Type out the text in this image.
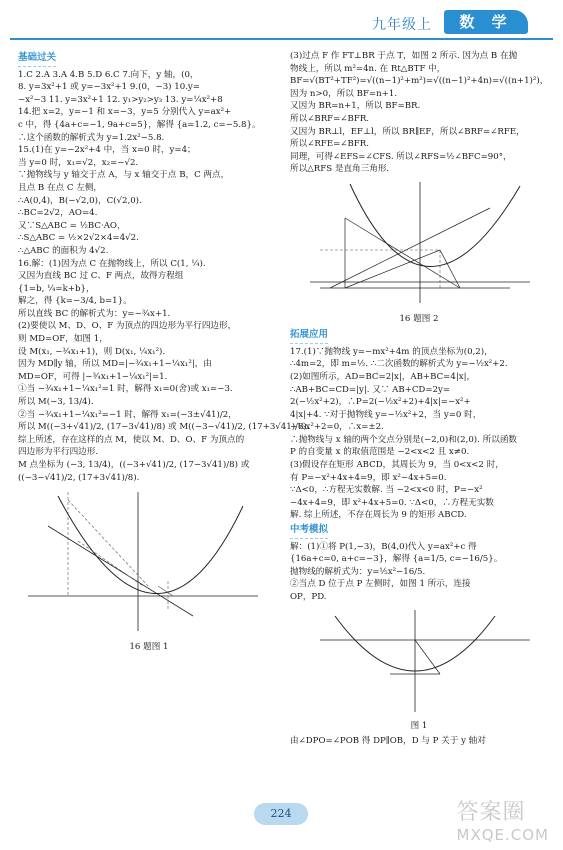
九年级上	数 学
基础过关
1.C 2.A 3.A 4.B 5.D 6.C 7.向下，y 轴，(0，
8. y=3x²+1 或 y=−3x²+1 9.(0，−3) 10.y=
−x²−3 11. y=3x²+1 12. y₁>y₂>y₃ 13. y=¼x²+8
14.把 x=2，y=−1 和 x=−3，y=5 分别代入 y=ax²+
c 中，得 {4a+c=−1, 9a+c=5}，解得 {a=1.2, c=−5.8}。
∴这个函数的解析式为 y=1.2x²−5.8.
15.(1)在 y=−2x²+4 中，当 x=0 时，y=4；
当 y=0 时，x₁=√2，x₂=−√2.
∵抛物线与 y 轴交于点 A，与 x 轴交于点 B，C 两点，
且点 B 在点 C 左侧，
∴A(0,4)，B(−√2,0)，C(√2,0).
∴BC=2√2，AO=4.
又∵S△ABC = ½BC·AO，
∴S△ABC = ½×2√2×4=4√2.
∴△ABC 的面积为 4√2.
16.解：(1)因为点 C 在抛物线上，所以 C(1, ¼).
又因为直线 BC 过 C、F 两点，故得方程组
{1=b, ¼=k+b}，
解之，得 {k=−3/4, b=1}。
所以直线 BC 的解析式为：y=−¾x+1.
(2)要使以 M、D、O、F 为顶点的四边形为平行四边形，
则 MD=OF，如图 1，
设 M(x₁, −¾x₁+1)，则 D(x₁, ¼x₁²).
因为 MD∥y 轴，所以 MD=|−¾x₁+1−¼x₁²|，由
MD=OF，可得 |−¾x₁+1−¼x₁²|=1.
①当 −¾x₁+1−¼x₁²=1 时，解得 x₁=0(舍)或 x₁=−3.
所以 M(−3, 13/4).
②当 −¾x₁+1−¼x₁²=−1 时，解得 x₁=(−3±√41)/2，
所以 M((−3+√41)/2, (17−3√41)/8) 或 M((−3−√41)/2, (17+3√41)/8).
综上所述，存在这样的点 M，使以 M、D、O、F 为顶点的
四边形为平行四边形.
M 点坐标为 (−3, 13/4)，((−3+√41)/2, (17−3√41)/8) 或
((−3−√41)/2, (17+3√41)/8).
16 题图 1
(3)过点 F 作 FT⊥BR 于点 T，如图 2 所示. 因为点 B 在抛
物线上，所以 m²=4n. 在 Rt△BTF 中，
BF=√(BT²+TF²)=√((n−1)²+m²)=√((n−1)²+4n)=√((n+1)²)，
因为 n>0，所以 BF=n+1.
又因为 BR=n+1，所以 BF=BR.
所以∠BRF=∠BFR.
又因为 BR⊥l，EF⊥l，所以 BR∥EF，所以∠BRF=∠RFE，
所以∠RFE=∠BFR.
同理，可得∠EFS=∠CFS. 所以∠RFS=½∠BFC=90°，
所以△RFS 是直角三角形.
16 题图 2
拓展应用
17.(1)∵抛物线 y=−mx²+4m 的顶点坐标为(0,2)，
∴4m=2，即 m=½. ∴二次函数的解析式为 y=−½x²+2.
(2)如图所示，AD=BC=2|x|，AB+BC=4|x|，
∴AB+BC=CD=|y|. 又∵ AB+CD=2y=
2(−½x²+2)，∴P=2(−½x²+2)+4|x|=−x²+
4|x|+4. ∵对于抛物线 y=−½x²+2，当 y=0 时，
−½x²+2=0，∴x=±2.
∴抛物线与 x 轴的两个交点分别是(−2,0)和(2,0). 所以函数
P 的自变量 x 的取值范围是 −2<x<2 且 x≠0.
(3)假设存在矩形 ABCD，其周长为 9，当 0<x<2 时，
有 P=−x²+4x+4=9，即 x²−4x+5=0.
∵Δ<0，∴方程无实数解. 当 −2<x<0 时，P=−x²
−4x+4=9，即 x²+4x+5=0. ∵Δ<0，∴方程无实数
解. 综上所述，不存在周长为 9 的矩形 ABCD.
中考模拟
解：(1)①将 P(1,−3)，B(4,0)代入 y=ax²+c 得
{16a+c=0, a+c=−3}，解得 {a=1/5, c=−16/5}。
抛物线的解析式为：y=⅕x²−16/5.
②当点 D 位于点 P 左侧时，如图 1 所示，连接
OP，PD.
图 1
由∠DPO=∠POB 得 DP∥OB，D 与 P 关于 y 轴对
224	答案圈
MXQE.COM
